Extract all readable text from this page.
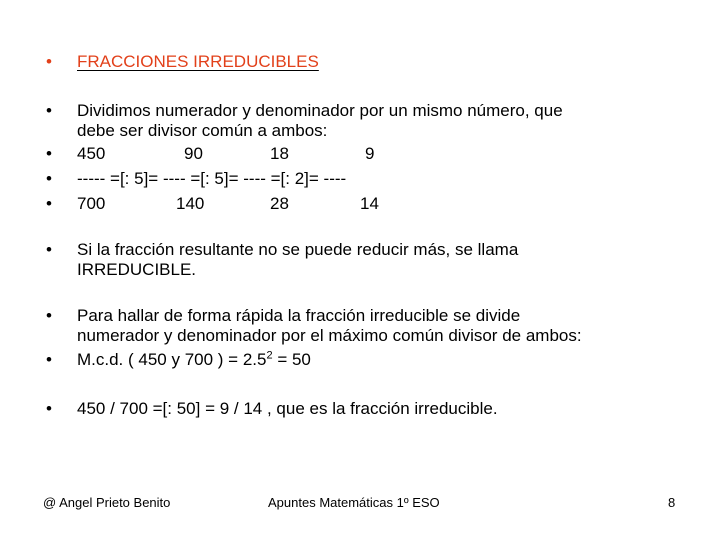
•	FRACCIONES IRREDUCIBLES
•	Dividimos numerador y denominador por un mismo número, que
debe ser divisor común a ambos:
•	450	90	18	9
•	----- =[: 5]= ---- =[: 5]= ---- =[: 2]= ----
•	700	140	28	14
•	Si la fracción resultante no se puede reducir más, se llama
IRREDUCIBLE.
•	Para hallar de forma rápida la fracción irreducible se divide
numerador y denominador por el máximo común divisor de ambos:
•	M.c.d. ( 450 y 700 ) = $2.5^2 = 50$
•	450 / 700 =[: 50] = 9 / 14 , que es la fracción irreducible.
@ Angel Prieto Benito	Apuntes Matemáticas 1º ESO	8
